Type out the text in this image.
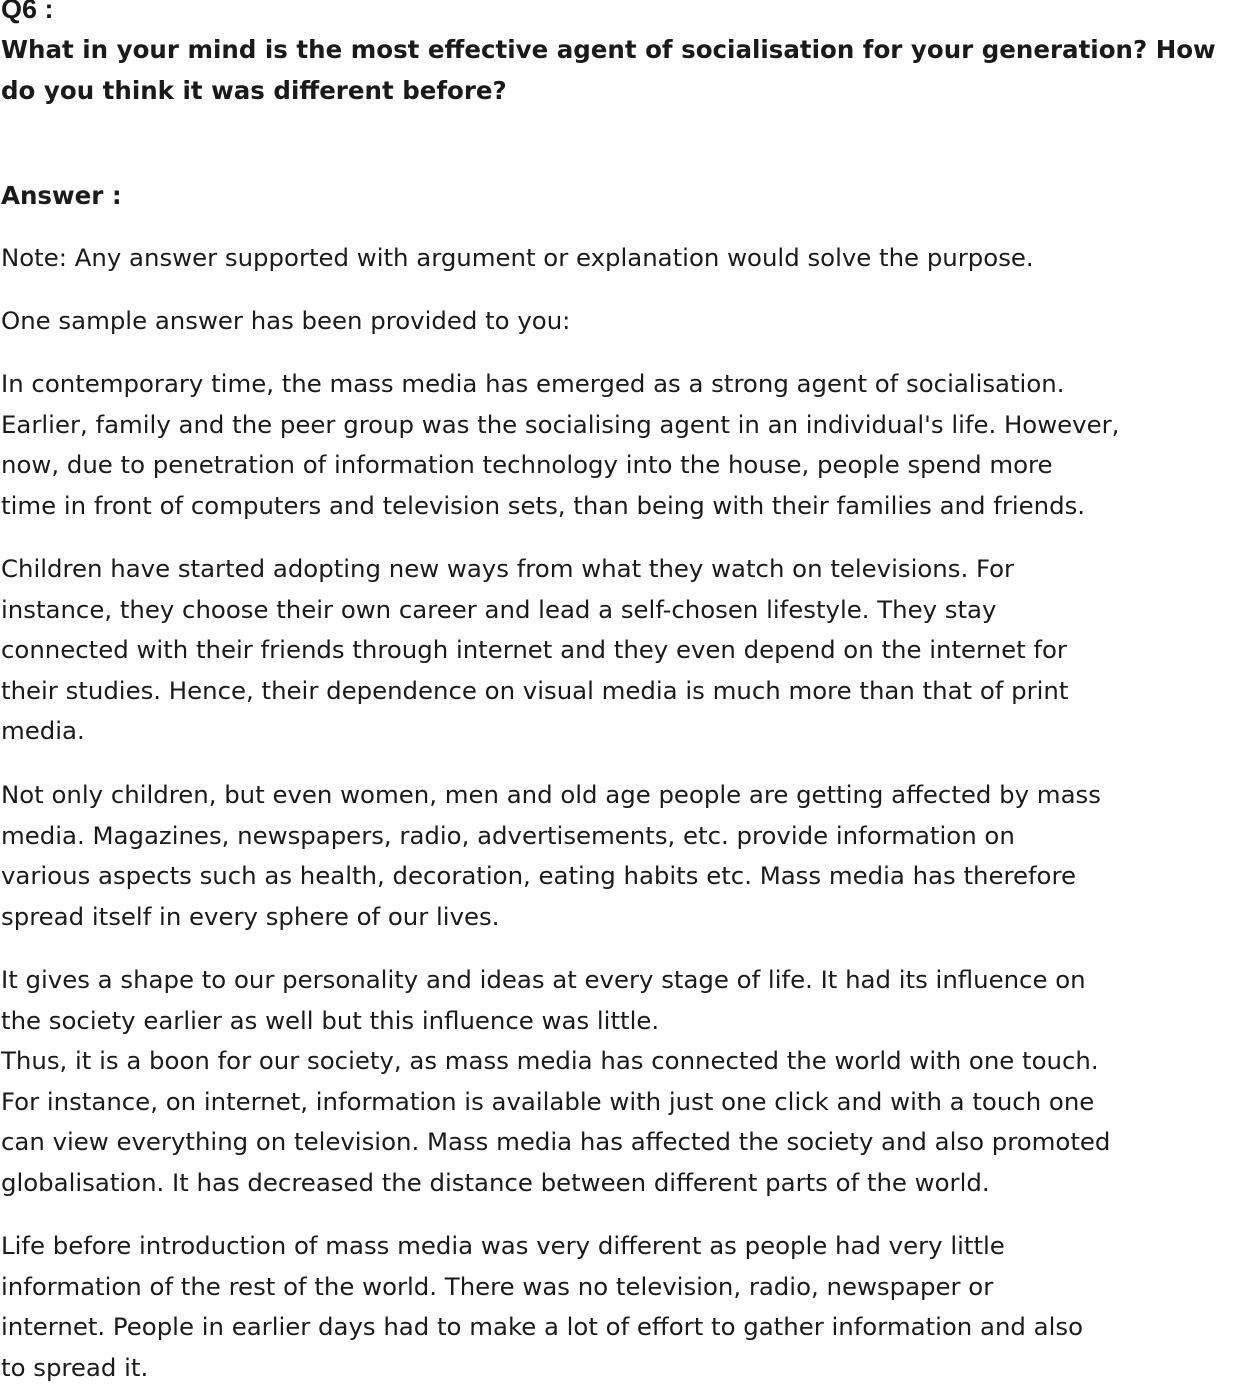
Q6 :
What in your mind is the most effective agent of socialisation for your generation? How
do you think it was different before?
Answer :
Note: Any answer supported with argument or explanation would solve the purpose.
One sample answer has been provided to you:
In contemporary time, the mass media has emerged as a strong agent of socialisation.
Earlier, family and the peer group was the socialising agent in an individual's life. However,
now, due to penetration of information technology into the house, people spend more
time in front of computers and television sets, than being with their families and friends.
Children have started adopting new ways from what they watch on televisions. For
instance, they choose their own career and lead a self-chosen lifestyle. They stay
connected with their friends through internet and they even depend on the internet for
their studies. Hence, their dependence on visual media is much more than that of print
media.
Not only children, but even women, men and old age people are getting affected by mass
media. Magazines, newspapers, radio, advertisements, etc. provide information on
various aspects such as health, decoration, eating habits etc. Mass media has therefore
spread itself in every sphere of our lives.
It gives a shape to our personality and ideas at every stage of life. It had its influence on
the society earlier as well but this influence was little.
Thus, it is a boon for our society, as mass media has connected the world with one touch.
For instance, on internet, information is available with just one click and with a touch one
can view everything on television. Mass media has affected the society and also promoted
globalisation. It has decreased the distance between different parts of the world.
Life before introduction of mass media was very different as people had very little
information of the rest of the world. There was no television, radio, newspaper or
internet. People in earlier days had to make a lot of effort to gather information and also
to spread it.
